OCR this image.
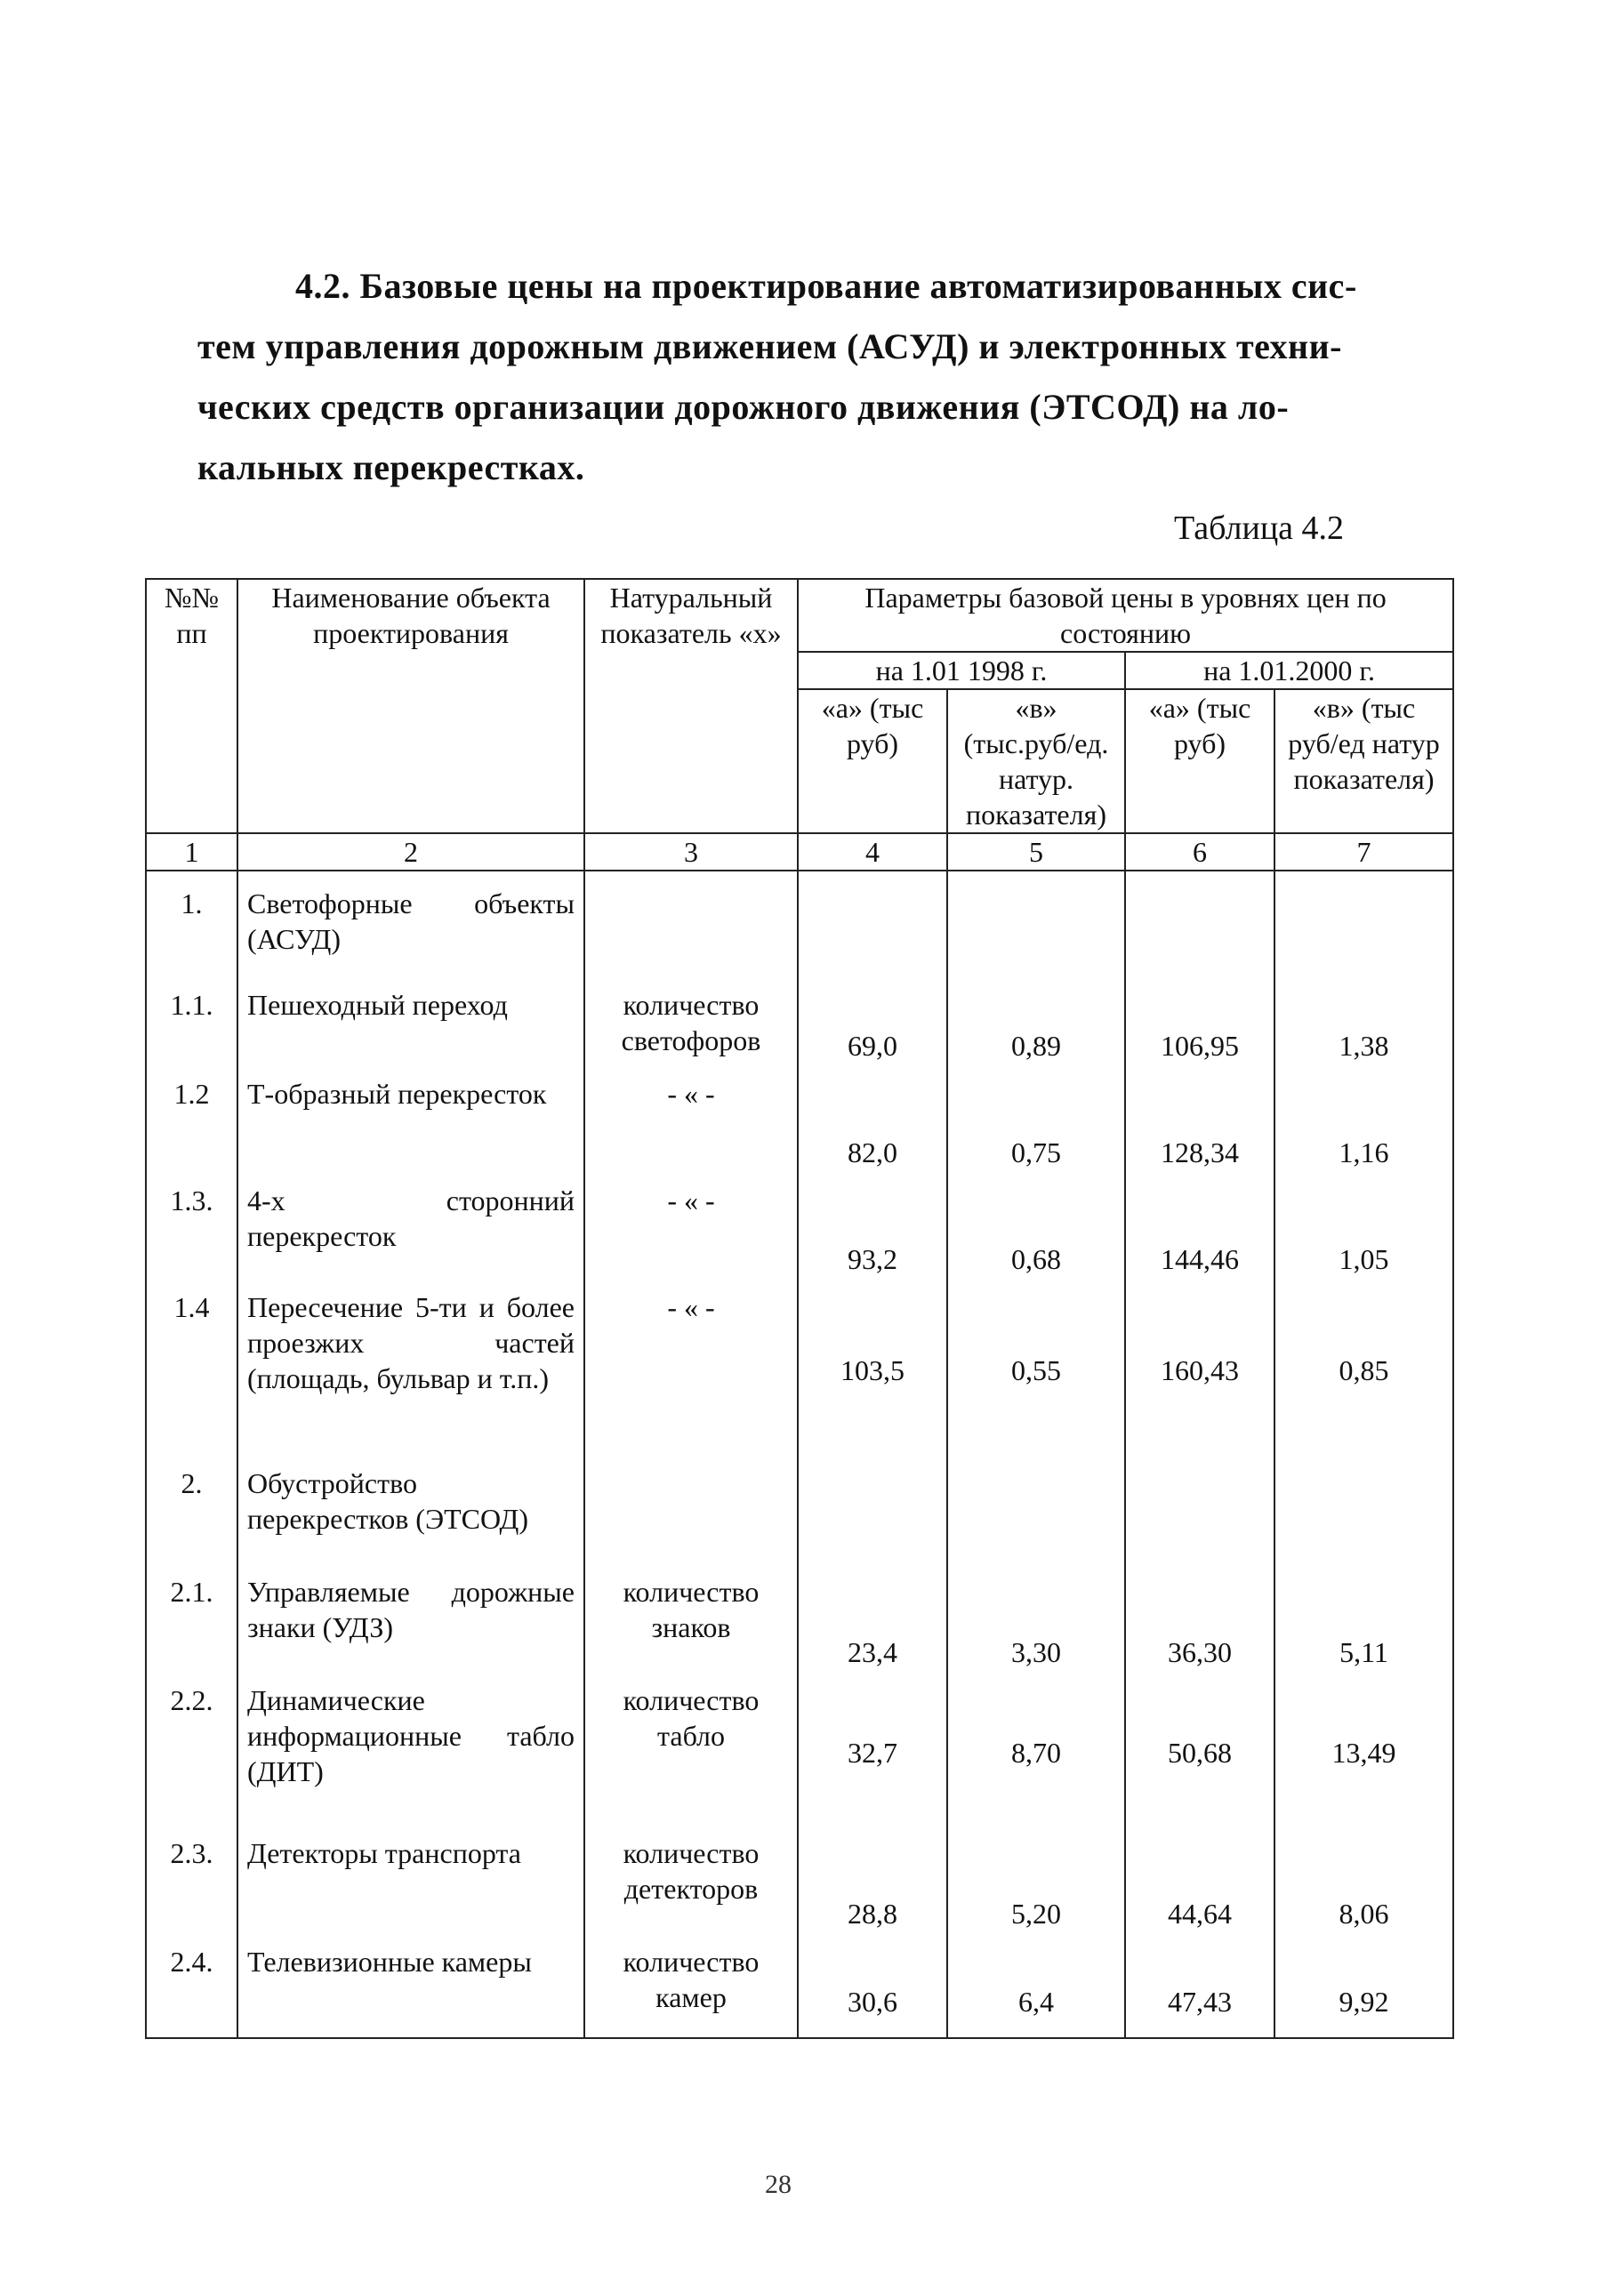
4.2. Базовые цены на проектирование автоматизированных сис-
тем управления дорожным движением (АСУД) и электронных техни-
ческих средств организации дорожного движения (ЭТСОД) на ло-
кальных перекрестках.
Таблица 4.2
№№ пп	Наименование объекта проектирования	Натуральный показатель «х»	Параметры базовой цены в уровнях цен по состоянию			
			на 1.01 1998 г.		на 1.01.2000 г.	
			«а» (тыс руб)	«в» (тыс.руб/ед. натур. показателя)	«а» (тыс руб)	«в» (тыс руб/ед натур показателя)
1	2	3	4	5	6	7
1.	Светофорные объекты (АСУД)					
1.1.	Пешеходный переход	количество светофоров	69,0	0,89	106,95	1,38
1.2	Т-образный перекресток	- « -	82,0	0,75	128,34	1,16
1.3.	4-х сторонний перекресток	- « -	93,2	0,68	144,46	1,05
1.4	Пересечение 5-ти и более проезжих частей (площадь, бульвар и т.п.)	- « -	103,5	0,55	160,43	0,85
2.	Обустройство перекрестков (ЭТСОД)					
2.1.	Управляемые дорожные знаки (УДЗ)	количество знаков	23,4	3,30	36,30	5,11
2.2.	Динамические информационные табло (ДИТ)	количество табло	32,7	8,70	50,68	13,49
2.3.	Детекторы транспорта	количество детекторов	28,8	5,20	44,64	8,06
2.4.	Телевизионные камеры	количество камер	30,6	6,4	47,43	9,92
28
